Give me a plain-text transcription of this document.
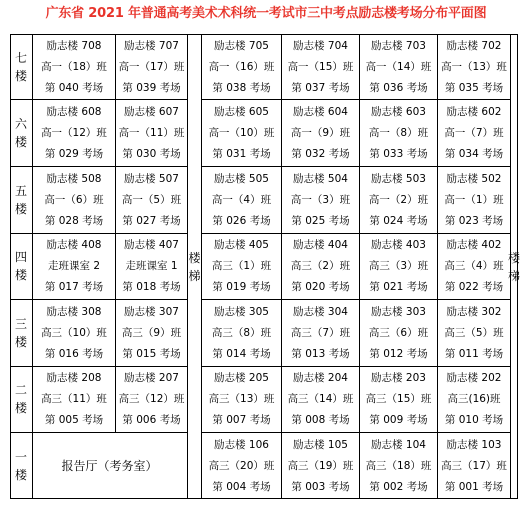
广东省 2021 年普通高考美术术科统一考试市三中考点励志楼考场分布平面图
七
楼
励志楼 708
高一（18）班
第 040 考场
励志楼 707
高一（17）班
第 039 考场
励志楼 705
高一（16）班
第 038 考场
励志楼 704
高一（15）班
第 037 考场
励志楼 703
高一（14）班
第 036 考场
励志楼 702
高一（13）班
第 035 考场
六
楼
励志楼 608
高一（12）班
第 029 考场
励志楼 607
高一（11）班
第 030 考场
励志楼 605
高一（10）班
第 031 考场
励志楼 604
高一（9）班
第 032 考场
励志楼 603
高一（8）班
第 033 考场
励志楼 602
高一（7）班
第 034 考场
五
楼
励志楼 508
高一（6）班
第 028 考场
励志楼 507
高一（5）班
第 027 考场
励志楼 505
高一（4）班
第 026 考场
励志楼 504
高一（3）班
第 025 考场
励志楼 503
高一（2）班
第 024 考场
励志楼 502
高一（1）班
第 023 考场
四
楼
励志楼 408
走班课室 2
第 017 考场
励志楼 407
走班课室 1
第 018 考场
励志楼 405
高三（1）班
第 019 考场
励志楼 404
高三（2）班
第 020 考场
励志楼 403
高三（3）班
第 021 考场
励志楼 402
高三（4）班
第 022 考场
三
楼
励志楼 308
高三（10）班
第 016 考场
励志楼 307
高三（9）班
第 015 考场
励志楼 305
高三（8）班
第 014 考场
励志楼 304
高三（7）班
第 013 考场
励志楼 303
高三（6）班
第 012 考场
励志楼 302
高三（5）班
第 011 考场
二
楼
励志楼 208
高三（11）班
第 005 考场
励志楼 207
高三（12）班
第 006 考场
励志楼 205
高三（13）班
第 007 考场
励志楼 204
高三（14）班
第 008 考场
励志楼 203
高三（15）班
第 009 考场
励志楼 202
高三(16)班
第 010 考场
一
楼
报告厅（考务室）
励志楼 106
高三（20）班
第 004 考场
励志楼 105
高三（19）班
第 003 考场
励志楼 104
高三（18）班
第 002 考场
励志楼 103
高三（17）班
第 001 考场
楼
梯
楼
梯
